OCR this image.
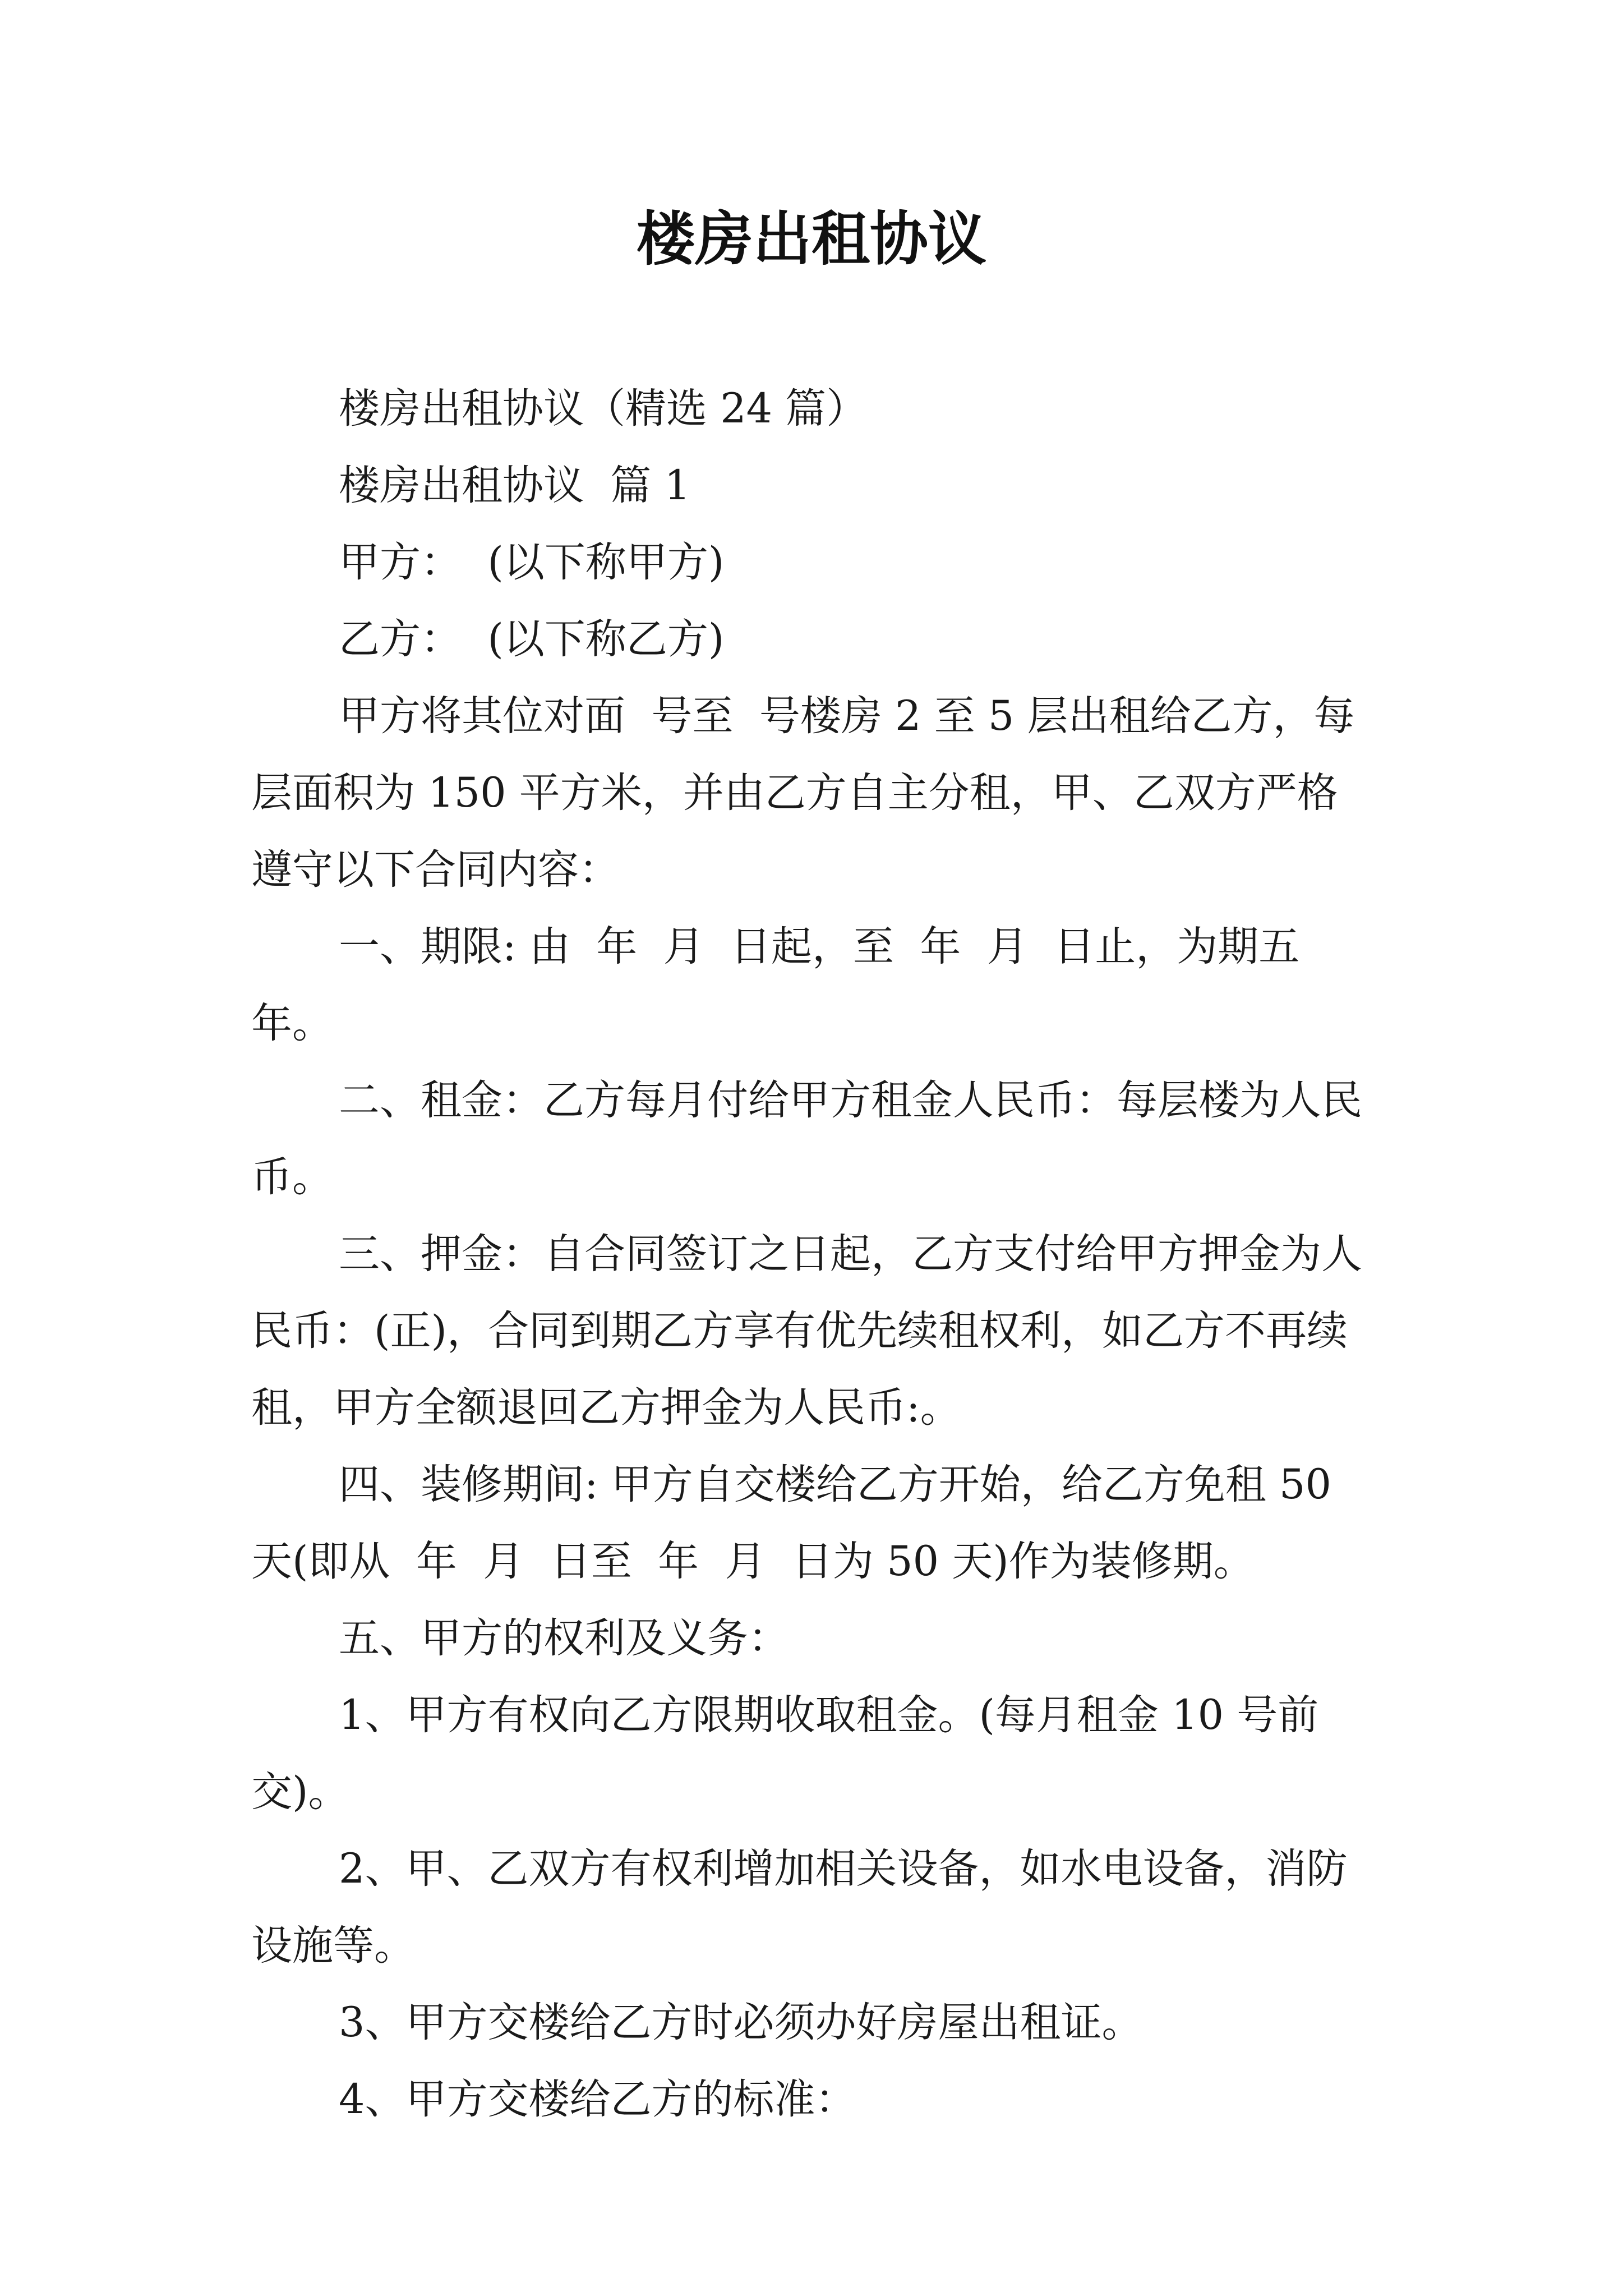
楼房出租协议

楼房出租协议（精选 24 篇）

楼房出租协议  篇 1

甲方：  (以下称甲方)

乙方：  (以下称乙方)

甲方将其位对面  号至  号楼房 2 至 5 层出租给乙方，每层面积为 150 平方米，并由乙方自主分租，甲、乙双方严格遵守以下合同内容：

一、期限: 由  年  月  日起，至  年  月  日止，为期五年。

二、租金：乙方每月付给甲方租金人民币：每层楼为人民币。

三、押金：自合同签订之日起，乙方支付给甲方押金为人民币：(正)，合同到期乙方享有优先续租权利，如乙方不再续租，甲方全额退回乙方押金为人民币:。

四、装修期间: 甲方自交楼给乙方开始，给乙方免租 50 天(即从  年  月  日至  年  月  日为 50 天)作为装修期。

五、甲方的权利及义务：

1、甲方有权向乙方限期收取租金。(每月租金 10 号前交)。

2、甲、乙双方有权利增加相关设备，如水电设备，消防设施等。

3、甲方交楼给乙方时必须办好房屋出租证。

4、甲方交楼给乙方的标准：
